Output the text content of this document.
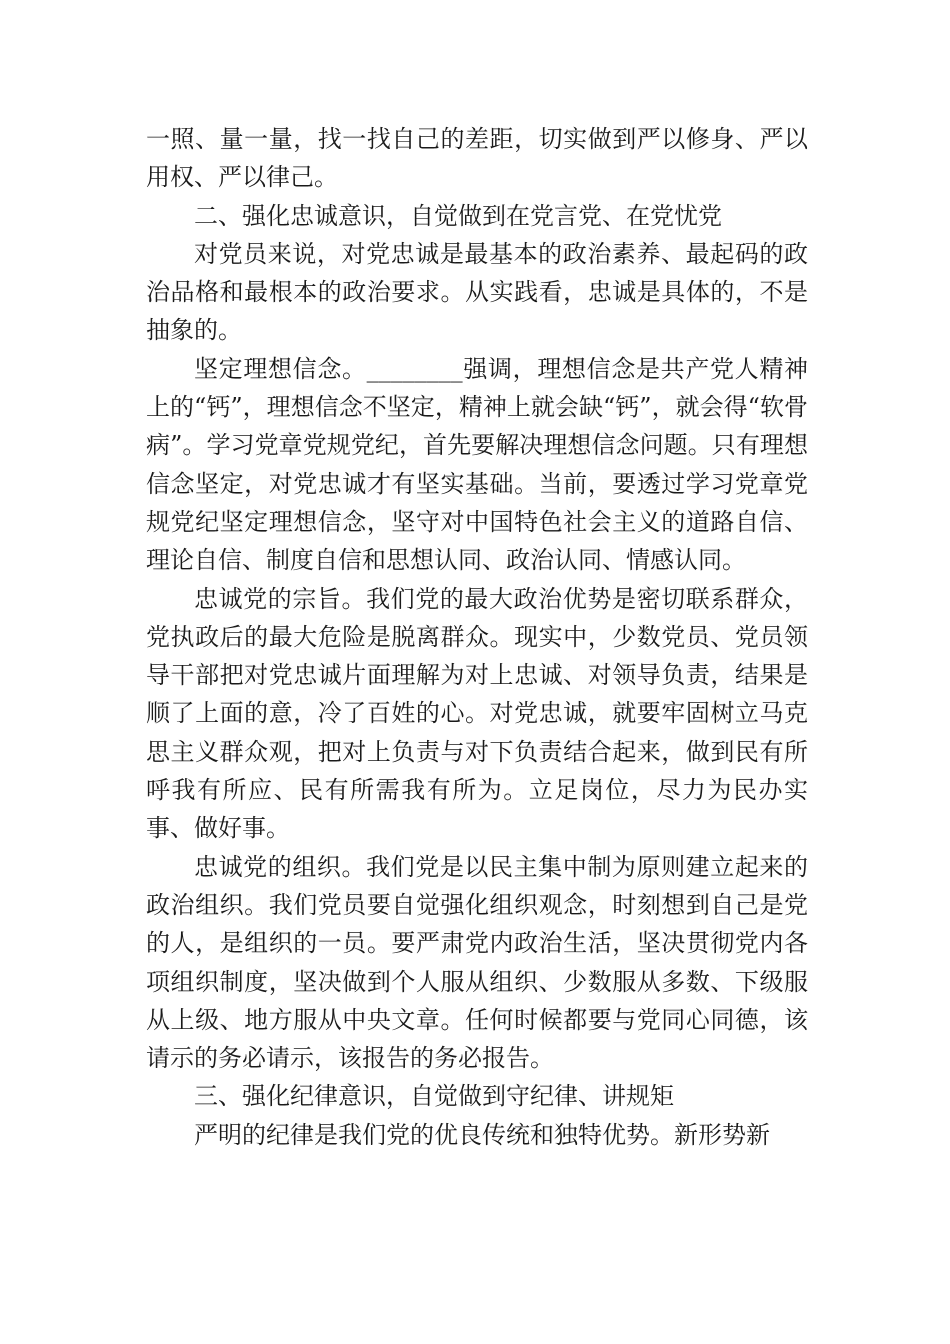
一照、量一量，找一找自己的差距，切实做到严以修身、严以用权、严以律己。

二、强化忠诚意识，自觉做到在党言党、在党忧党

对党员来说，对党忠诚是最基本的政治素养、最起码的政治品格和最根本的政治要求。从实践看，忠诚是具体的，不是抽象的。

坚定理想信念。________强调，理想信念是共产党人精神上的“钙”，理想信念不坚定，精神上就会缺“钙”，就会得“软骨病”。学习党章党规党纪，首先要解决理想信念问题。只有理想信念坚定，对党忠诚才有坚实基础。当前，要透过学习党章党规党纪坚定理想信念，坚守对中国特色社会主义的道路自信、理论自信、制度自信和思想认同、政治认同、情感认同。

忠诚党的宗旨。我们党的最大政治优势是密切联系群众，党执政后的最大危险是脱离群众。现实中，少数党员、党员领导干部把对党忠诚片面理解为对上忠诚、对领导负责，结果是顺了上面的意，冷了百姓的心。对党忠诚，就要牢固树立马克思主义群众观，把对上负责与对下负责结合起来，做到民有所呼我有所应、民有所需我有所为。立足岗位，尽力为民办实事、做好事。

忠诚党的组织。我们党是以民主集中制为原则建立起来的政治组织。我们党员要自觉强化组织观念，时刻想到自己是党的人，是组织的一员。要严肃党内政治生活，坚决贯彻党内各项组织制度，坚决做到个人服从组织、少数服从多数、下级服从上级、地方服从中央文章。任何时候都要与党同心同德，该请示的务必请示，该报告的务必报告。

三、强化纪律意识，自觉做到守纪律、讲规矩

严明的纪律是我们党的优良传统和独特优势。新形势新
